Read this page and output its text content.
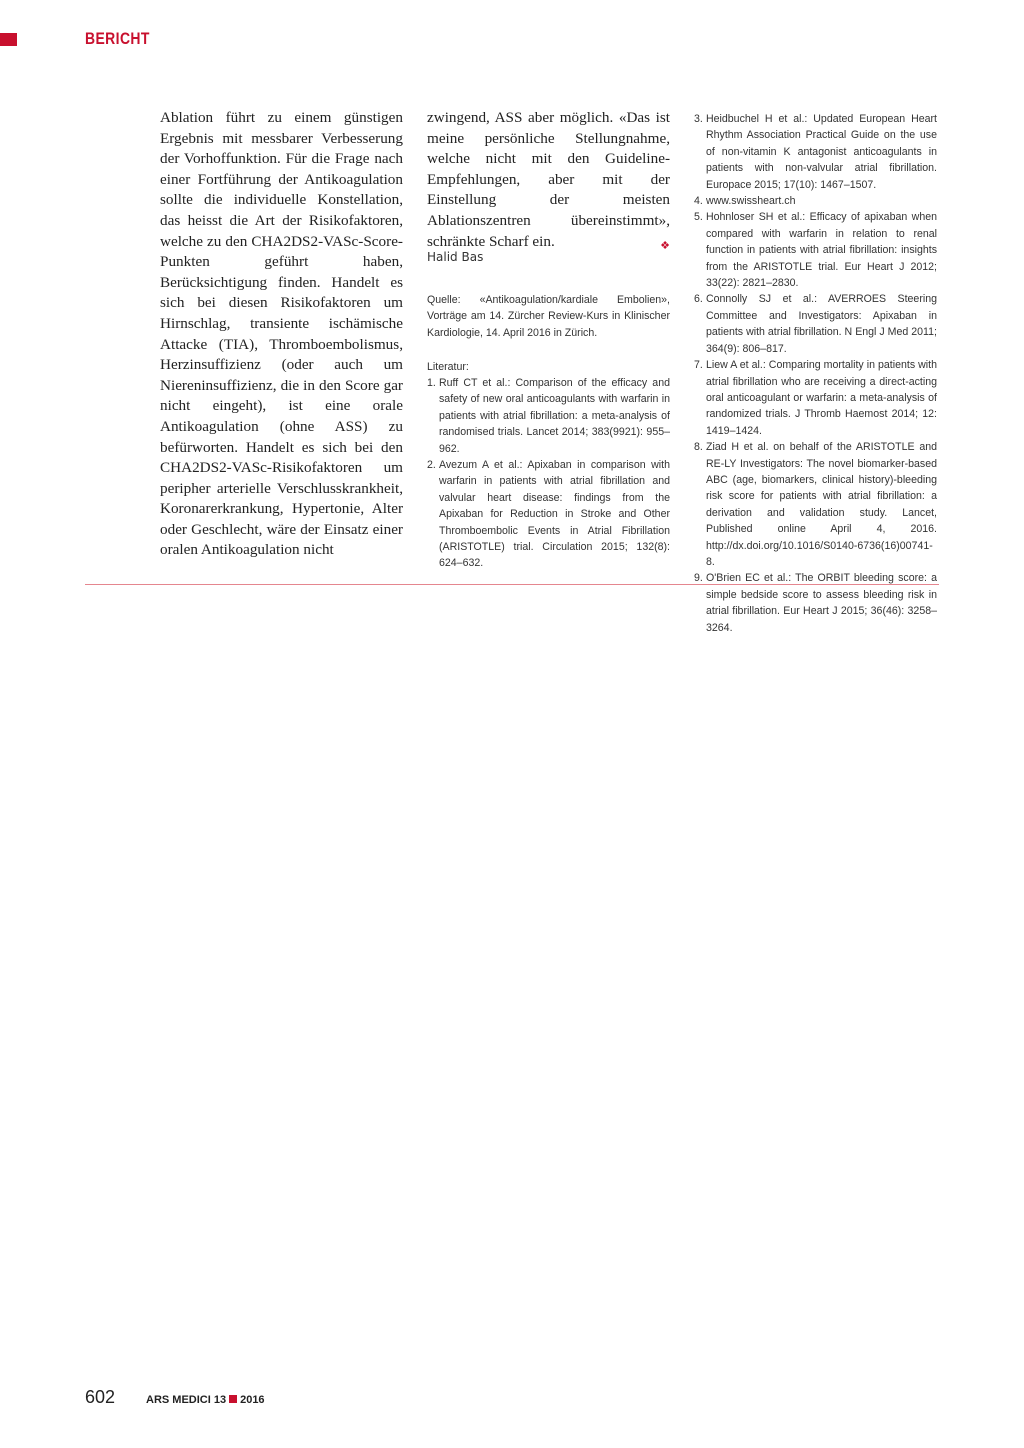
BERICHT
Ablation führt zu einem günstigen Ergebnis mit messbarer Verbesserung der Vorhoffunktion. Für die Frage nach einer Fortführung der Antikoagulation sollte die individuelle Konstellation, das heisst die Art der Risikofaktoren, welche zu den CHA2DS2-VASc-Score-Punkten geführt haben, Berücksichtigung finden. Handelt es sich bei diesen Risikofaktoren um Hirnschlag, transiente ischämische Attacke (TIA), Thromboembolismus, Herzinsuffizienz (oder auch um Niereninsuffizienz, die in den Score gar nicht eingeht), ist eine orale Antikoagulation (ohne ASS) zu befürworten. Handelt es sich bei den CHA2DS2-VASc-Risikofaktoren um peripher arterielle Verschlusskrankheit, Koronarerkrankung, Hypertonie, Alter oder Geschlecht, wäre der Einsatz einer oralen Antikoagulation nicht
zwingend, ASS aber möglich. «Das ist meine persönliche Stellungnahme, welche nicht mit den Guideline-Empfehlungen, aber mit der Einstellung der meisten Ablationszentren übereinstimmt», schränkte Scharf ein.	❖
Halid Bas
Quelle: «Antikoagulation/kardiale Embolien», Vorträge am 14. Zürcher Review-Kurs in Klinischer Kardiologie, 14. April 2016 in Zürich.
Literatur:
1. Ruff CT et al.: Comparison of the efficacy and safety of new oral anticoagulants with warfarin in patients with atrial fibrillation: a meta-analysis of randomised trials. Lancet 2014; 383(9921): 955–962.
2. Avezum A et al.: Apixaban in comparison with warfarin in patients with atrial fibrillation and valvular heart disease: findings from the Apixaban for Reduction in Stroke and Other Thromboembolic Events in Atrial Fibrillation (ARISTOTLE) trial. Circulation 2015; 132(8): 624–632.
3. Heidbuchel H et al.: Updated European Heart Rhythm Association Practical Guide on the use of non-vitamin K antagonist anticoagulants in patients with non-valvular atrial fibrillation. Europace 2015; 17(10): 1467–1507.
4. www.swissheart.ch
5. Hohnloser SH et al.: Efficacy of apixaban when compared with warfarin in relation to renal function in patients with atrial fibrillation: insights from the ARISTOTLE trial. Eur Heart J 2012; 33(22): 2821–2830.
6. Connolly SJ et al.: AVERROES Steering Committee and Investigators: Apixaban in patients with atrial fibrillation. N Engl J Med 2011; 364(9): 806–817.
7. Liew A et al.: Comparing mortality in patients with atrial fibrillation who are receiving a direct-acting oral anticoagulant or warfarin: a meta-analysis of randomized trials. J Thromb Haemost 2014; 12: 1419–1424.
8. Ziad H et al. on behalf of the ARISTOTLE and RE-LY Investigators: The novel biomarker-based ABC (age, biomarkers, clinical history)-bleeding risk score for patients with atrial fibrillation: a derivation and validation study. Lancet, Published online April 4, 2016. http://dx.doi.org/10.1016/S0140-6736(16)00741-8.
9. O'Brien EC et al.: The ORBIT bleeding score: a simple bedside score to assess bleeding risk in atrial fibrillation. Eur Heart J 2015; 36(46): 3258–3264.
602	ARS MEDICI 13 2016
